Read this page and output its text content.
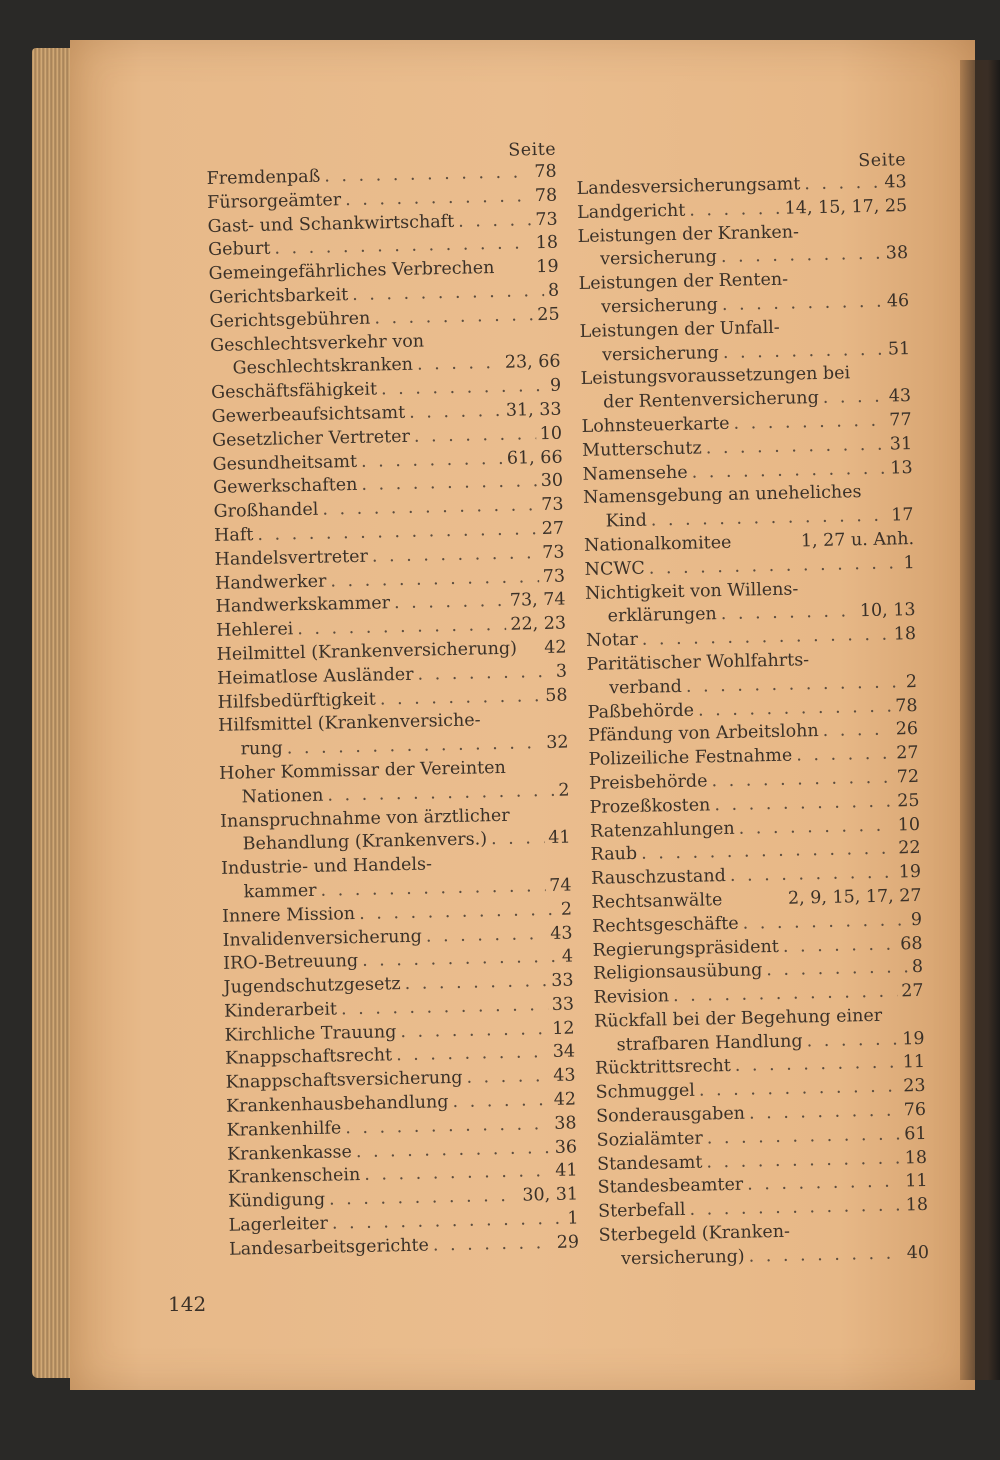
Seite
Fremdenpaß . . .	78
Fürsorgeämter . . .	78
Gast- und Schankwirtschaft . . .	73
Geburt . . .	18
Gemeingefährliches Verbrechen 19
Gerichtsbarkeit . . .	8
Gerichtsgebühren . . .	25
Geschlechtsverkehr von
Geschlechtskranken . . .	23, 66
Geschäftsfähigkeit . . .	9
Gewerbeaufsichtsamt . . .	31, 33
Gesetzlicher Vertreter . . .	10
Gesundheitsamt . . .	61, 66
Gewerkschaften . . .	30
Großhandel . . .	73
Haft . . .	27
Handelsvertreter . . .	73
Handwerker . . .	73
Handwerkskammer . . .	73, 74
Hehlerei . . .	22, 23
Heilmittel (Krankenversicherung) 42
Heimatlose Ausländer . . .	3
Hilfsbedürftigkeit . . .	58
Hilfsmittel (Krankenversiche-
rung . . .	32
Hoher Kommissar der Vereinten
Nationen . . .	2
Inanspruchnahme von ärztlicher
Behandlung (Krankenvers.) . . .	41
Industrie- und Handels-
kammer . . .	74
Innere Mission . . .	2
Invalidenversicherung . . .	43
IRO-Betreuung . . .	4
Jugendschutzgesetz . . .	33
Kinderarbeit . . .	33
Kirchliche Trauung . . .	12
Knappschaftsrecht . . .	34
Knappschaftsversicherung . . .	43
Krankenhausbehandlung . . .	42
Krankenhilfe . . .	38
Krankenkasse . . .	36
Krankenschein . . .	41
Kündigung . . .	30, 31
Lagerleiter . . .	1
Landesarbeitsgerichte . . .	29
Seite
Landesversicherungsamt . . .	43
Landgericht . . .	14, 15, 17, 25
Leistungen der Kranken-
versicherung . . .	38
Leistungen der Renten-
versicherung . . .	46
Leistungen der Unfall-
versicherung . . .	51
Leistungsvoraussetzungen bei
der Rentenversicherung . . .	43
Lohnsteuerkarte . . .	77
Mutterschutz . . .	31
Namensehe . . .	13
Namensgebung an uneheliches
Kind . . .	17
Nationalkomitee	1, 27 u. Anh.
NCWC . . .	1
Nichtigkeit von Willens-
erklärungen . . .	10, 13
Notar . . .	18
Paritätischer Wohlfahrts-
verband . . .	2
Paßbehörde . . .	78
Pfändung von Arbeitslohn . . .	26
Polizeiliche Festnahme . . .	27
Preisbehörde . . .	72
Prozeßkosten . . .	25
Ratenzahlungen . . .	10
Raub . . .	22
Rauschzustand . . .	19
Rechtsanwälte	2, 9, 15, 17, 27
Rechtsgeschäfte . . .	9
Regierungspräsident . . .	68
Religionsausübung . . .	8
Revision . . .	27
Rückfall bei der Begehung einer
strafbaren Handlung . . .	19
Rücktrittsrecht . . .	11
Schmuggel . . .	23
Sonderausgaben . . .	76
Sozialämter . . .	61
Standesamt . . .	18
Standesbeamter . . .	11
Sterbefall . . .	18
Sterbegeld (Kranken-
versicherung) . . .	40
142
